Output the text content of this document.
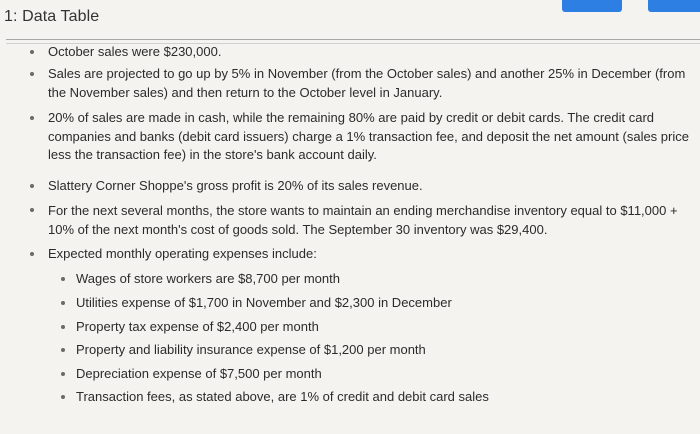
1: Data Table
October sales were $230,000.
Sales are projected to go up by 5% in November (from the October sales) and another 25% in December (from the November sales) and then return to the October level in January.
20% of sales are made in cash, while the remaining 80% are paid by credit or debit cards. The credit card companies and banks (debit card issuers) charge a 1% transaction fee, and deposit the net amount (sales price less the transaction fee) in the store's bank account daily.
Slattery Corner Shoppe's gross profit is 20% of its sales revenue.
For the next several months, the store wants to maintain an ending merchandise inventory equal to $11,000 + 10% of the next month's cost of goods sold. The September 30 inventory was $29,400.
Expected monthly operating expenses include:
Wages of store workers are $8,700 per month
Utilities expense of $1,700 in November and $2,300 in December
Property tax expense of $2,400 per month
Property and liability insurance expense of $1,200 per month
Depreciation expense of $7,500 per month
Transaction fees, as stated above, are 1% of credit and debit card sales
